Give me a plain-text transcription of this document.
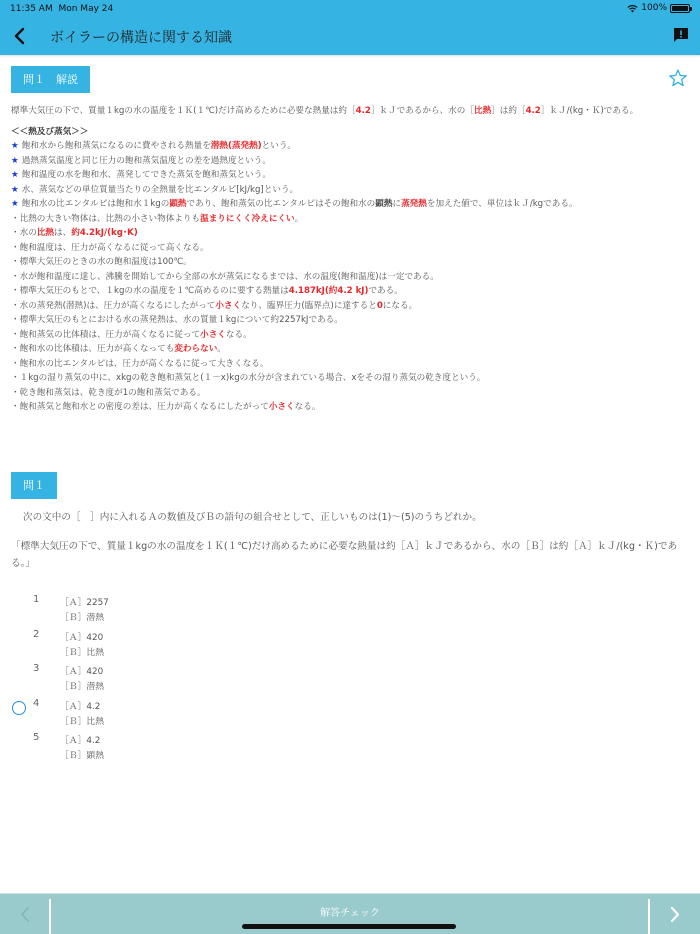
11:35 AM Mon May 24	100%
ボイラーの構造に関する知識
問１　解説
標準大気圧の下で、質量１kgの水の温度を１Ｋ(１℃)だけ高めるために必要な熱量は約［4.2］ｋＪであるから、水の［比熱］は約［4.2］ｋＪ/(kg・Ｋ)である。
＜＜熱及び蒸気＞＞
★ 飽和水から飽和蒸気になるのに費やされる熱量を潜熱(蒸発熱)という。
★ 過熱蒸気温度と同じ圧力の飽和蒸気温度との差を過熱度という。
★ 飽和温度の水を飽和水、蒸発してできた蒸気を飽和蒸気という。
★ 水、蒸気などの単位質量当たりの全熱量を比エンタルピ[kJ/kg]という。
★ 飽和水の比エンタルピは飽和水１kgの顕熱であり、飽和蒸気の比エンタルピはその飽和水の顕熱に蒸発熱を加えた値で、単位はｋＪ/kgである。
・比熱の大きい物体は、比熱の小さい物体よりも温まりにくく冷えにくい。
・水の比熱は、約4.2kJ/(kg･K)
・飽和温度は、圧力が高くなるに従って高くなる。
・標準大気圧のときの水の飽和温度は100℃。
・水が飽和温度に達し、沸騰を開始してから全部の水が蒸気になるまでは、水の温度(飽和温度)は一定である。
・標準大気圧のもとで、１kgの水の温度を１℃高めるのに要する熱量は4.187kJ(約4.2 kJ)である。
・水の蒸発熱(潜熱)は、圧力が高くなるにしたがって小さくなり、臨界圧力(臨界点)に達すると0になる。
・標準大気圧のもとにおける水の蒸発熱は、水の質量１kgについて約2257kJである。
・飽和蒸気の比体積は、圧力が高くなるに従って小さくなる。
・飽和水の比体積は、圧力が高くなっても変わらない。
・飽和水の比エンタルピは、圧力が高くなるに従って大きくなる。
・１kgの湿り蒸気の中に、xkgの乾き飽和蒸気と(１－x)kgの水分が含まれている場合、xをその湿り蒸気の乾き度という。
・乾き飽和蒸気は、乾き度が1の飽和蒸気である。
・飽和蒸気と飽和水との密度の差は、圧力が高くなるにしたがって小さくなる。
問１
次の文中の［　］内に入れるＡの数値及びＢの語句の組合せとして、正しいものは(1)～(5)のうちどれか。
「標準大気圧の下で、質量１kgの水の温度を１Ｋ(１℃)だけ高めるために必要な熱量は約［Ａ］ｋＪであるから、水の［Ｂ］は約［Ａ］ｋＪ/(kg・Ｋ)である。」
1 ［Ａ］2257
［Ｂ］潜熱
2 ［Ａ］420
［Ｂ］比熱
3 ［Ａ］420
［Ｂ］潜熱
4 ［Ａ］4.2
［Ｂ］比熱
5 ［Ａ］4.2
［Ｂ］顕熱
解答チェック
